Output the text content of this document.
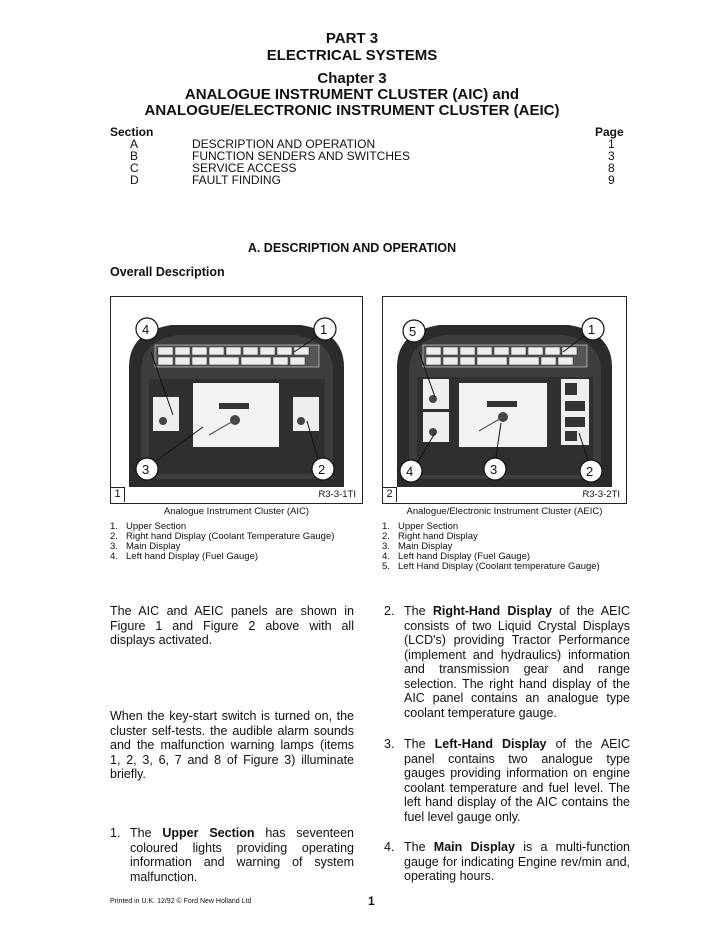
PART 3
ELECTRICAL SYSTEMS
Chapter 3
ANALOGUE INSTRUMENT CLUSTER (AIC) and
ANALOGUE/ELECTRONIC INSTRUMENT CLUSTER (AEIC)
Section	Page
A	DESCRIPTION AND OPERATION	1
B	FUNCTION SENDERS AND SWITCHES	3
C	SERVICE ACCESS	8
D	FAULT FINDING	9
A. DESCRIPTION AND OPERATION
Overall Description
4	1
3	2
1	R3-3-1TI
Analogue Instrument Cluster (AIC)
1. Upper Section
2. Right hand Display (Coolant Temperature Gauge)
3. Main Display
4. Left hand Display (Fuel Gauge)
5	1
4	3	2
2	R3-3-2TI
Analogue/Electronic Instrument Cluster (AEIC)
1. Upper Section
2. Right hand Display
3. Main Display
4. Left hand Display (Fuel Gauge)
5. Left Hand Display (Coolant temperature Gauge)
The AIC and AEIC panels are shown in Figure 1 and Figure 2 above with all displays activated.
When the key-start switch is turned on, the cluster self-tests. the audible alarm sounds and the malfunction warning lamps (items 1, 2, 3, 6, 7 and 8 of Figure 3) illuminate briefly.
1. The Upper Section has seventeen coloured lights providing operating information and warning of system malfunction.
2. The Right-Hand Display of the AEIC consists of two Liquid Crystal Displays (LCD's) providing Tractor Performance (implement and hydraulics) information and transmission gear and range selection. The right hand display of the AIC panel contains an analogue type coolant temperature gauge.
3. The Left-Hand Display of the AEIC panel contains two analogue type gauges providing information on engine coolant temperature and fuel level. The left hand display of the AIC contains the fuel level gauge only.
4. The Main Display is a multi-function gauge for indicating Engine rev/min and, operating hours.
Printed in U.K. 12/92 © Ford New Holland Ltd	1
